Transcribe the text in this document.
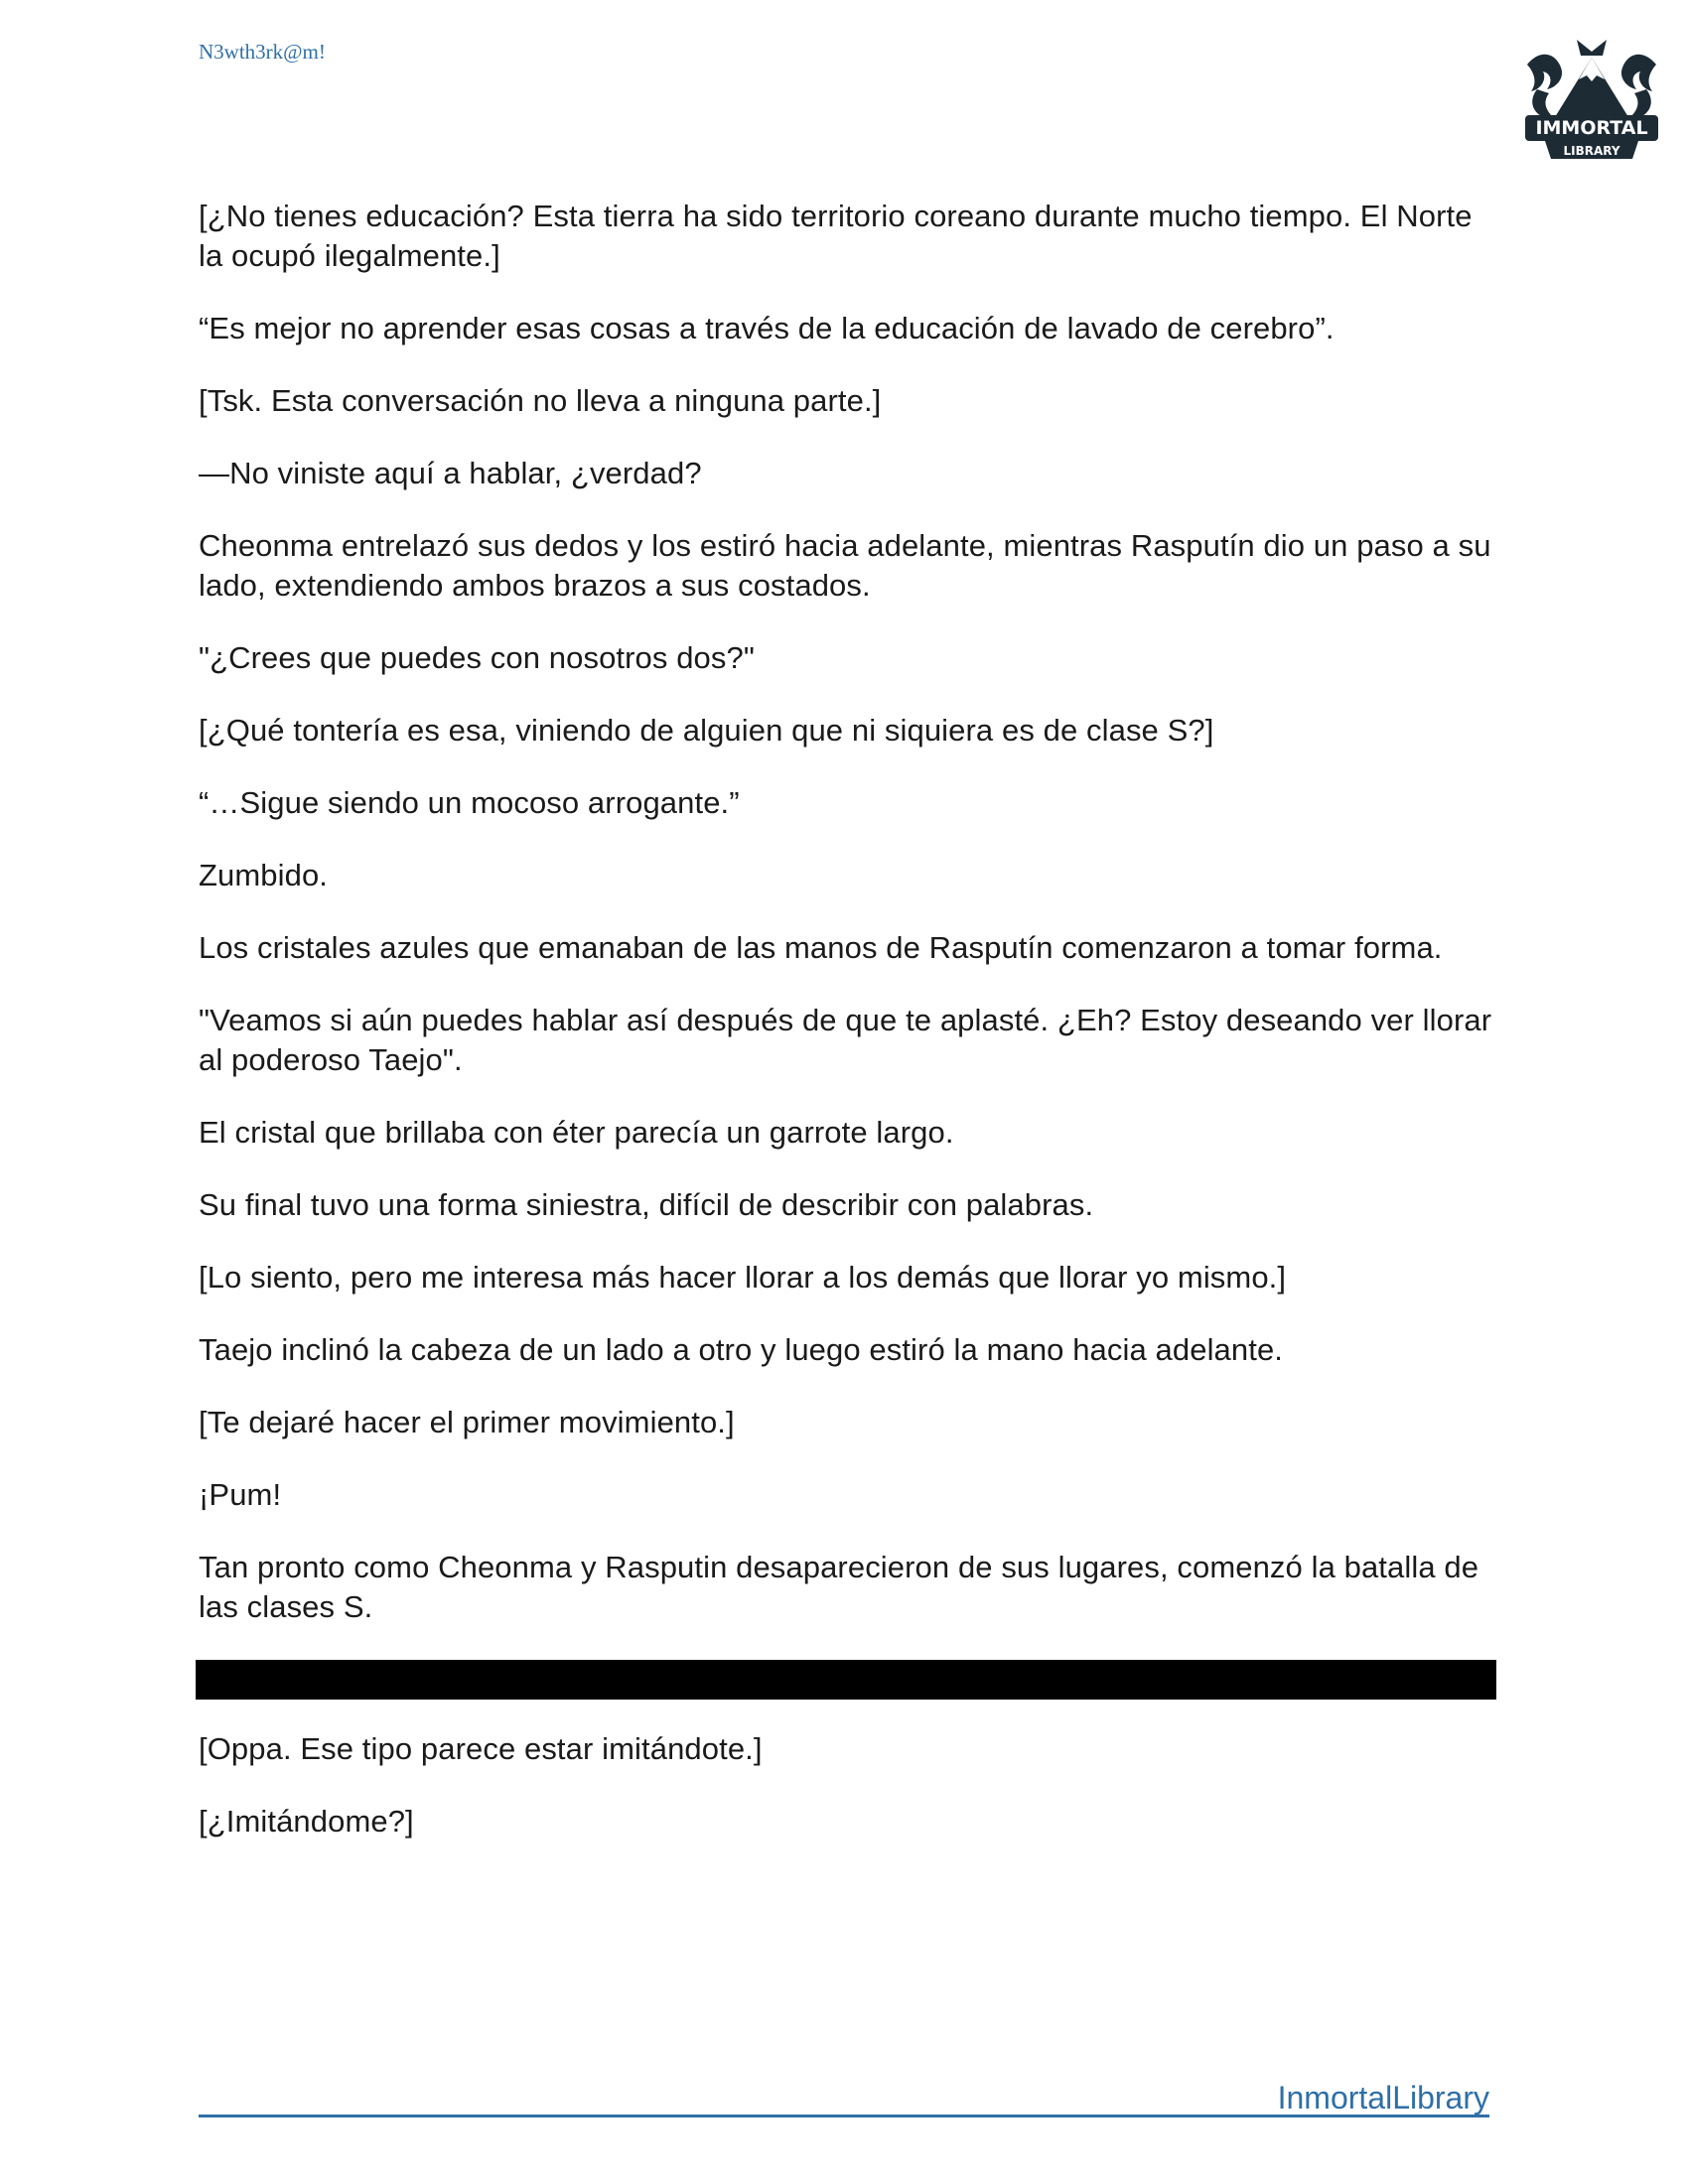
N3wth3rk@m!
IMMORTAL
LIBRARY

[¿No tienes educación? Esta tierra ha sido territorio coreano durante mucho tiempo. El Norte la ocupó ilegalmente.]

“Es mejor no aprender esas cosas a través de la educación de lavado de cerebro”.

[Tsk. Esta conversación no lleva a ninguna parte.]

—No viniste aquí a hablar, ¿verdad?

Cheonma entrelazó sus dedos y los estiró hacia adelante, mientras Rasputín dio un paso a su lado, extendiendo ambos brazos a sus costados.

"¿Crees que puedes con nosotros dos?"

[¿Qué tontería es esa, viniendo de alguien que ni siquiera es de clase S?]

“…Sigue siendo un mocoso arrogante.”

Zumbido.

Los cristales azules que emanaban de las manos de Rasputín comenzaron a tomar forma.

"Veamos si aún puedes hablar así después de que te aplasté. ¿Eh? Estoy deseando ver llorar al poderoso Taejo".

El cristal que brillaba con éter parecía un garrote largo.

Su final tuvo una forma siniestra, difícil de describir con palabras.

[Lo siento, pero me interesa más hacer llorar a los demás que llorar yo mismo.]

Taejo inclinó la cabeza de un lado a otro y luego estiró la mano hacia adelante.

[Te dejaré hacer el primer movimiento.]

¡Pum!

Tan pronto como Cheonma y Rasputin desaparecieron de sus lugares, comenzó la batalla de las clases S.

[Oppa. Ese tipo parece estar imitándote.]

[¿Imitándome?]

InmortalLibrary
